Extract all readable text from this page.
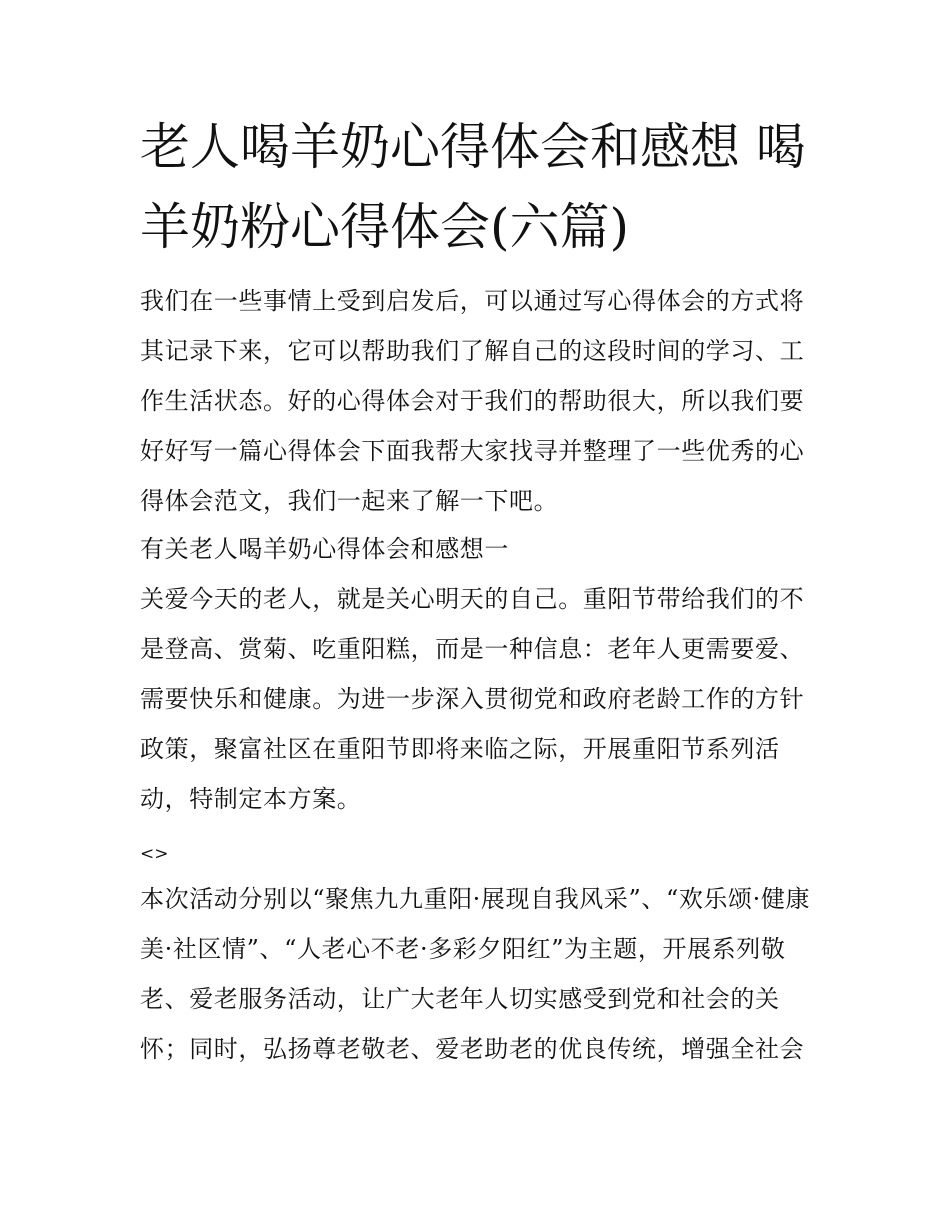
老人喝羊奶心得体会和感想 喝
羊奶粉心得体会(六篇)

我们在一些事情上受到启发后，可以通过写心得体会的方式将

其记录下来，它可以帮助我们了解自己的这段时间的学习、工

作生活状态。好的心得体会对于我们的帮助很大，所以我们要

好好写一篇心得体会下面我帮大家找寻并整理了一些优秀的心

得体会范文，我们一起来了解一下吧。

有关老人喝羊奶心得体会和感想一

关爱今天的老人，就是关心明天的自己。重阳节带给我们的不

是登高、赏菊、吃重阳糕，而是一种信息：老年人更需要爱、

需要快乐和健康。为进一步深入贯彻党和政府老龄工作的方针

政策，聚富社区在重阳节即将来临之际，开展重阳节系列活

动，特制定本方案。

<>

本次活动分别以“聚焦九九重阳·展现自我风采”、“欢乐颂·健康

美·社区情”、“人老心不老·多彩夕阳红”为主题，开展系列敬

老、爱老服务活动，让广大老年人切实感受到党和社会的关

怀；同时，弘扬尊老敬老、爱老助老的优良传统，增强全社会
